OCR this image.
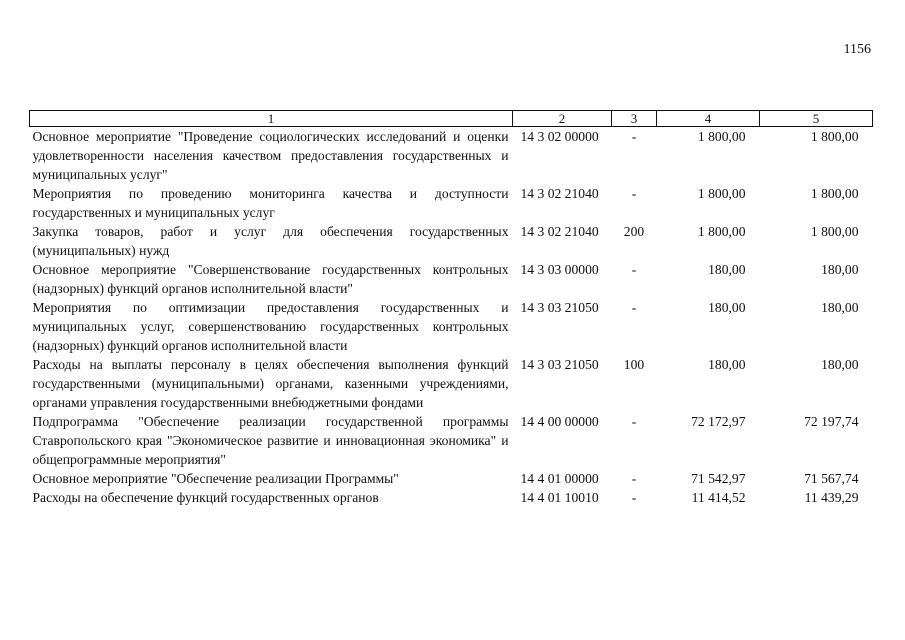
1156
1	2	3	4	5
Основное мероприятие "Проведение социологических исследований и оценки удовлетворенности населения качеством предоставления государственных и муниципальных услуг"	14 3 02 00000	-	1 800,00	1 800,00
Мероприятия по проведению мониторинга качества и доступности государственных и муниципальных услуг	14 3 02 21040	-	1 800,00	1 800,00
Закупка товаров, работ и услуг для обеспечения государственных (муниципальных) нужд	14 3 02 21040	200	1 800,00	1 800,00
Основное мероприятие "Совершенствование государственных контрольных (надзорных) функций органов исполнительной власти"	14 3 03 00000	-	180,00	180,00
Мероприятия по оптимизации предоставления государственных и муниципальных услуг, совершенствованию государственных контрольных (надзорных) функций органов исполнительной власти	14 3 03 21050	-	180,00	180,00
Расходы на выплаты персоналу в целях обеспечения выполнения функций государственными (муниципальными) органами, казенными учреждениями, органами управления государственными внебюджетными фондами	14 3 03 21050	100	180,00	180,00
Подпрограмма "Обеспечение реализации государственной программы Ставропольского края "Экономическое развитие и инновационная экономика" и общепрограммные мероприятия"	14 4 00 00000	-	72 172,97	72 197,74
Основное мероприятие "Обеспечение реализации Программы"	14 4 01 00000	-	71 542,97	71 567,74
Расходы на обеспечение функций государственных органов	14 4 01 10010	-	11 414,52	11 439,29
